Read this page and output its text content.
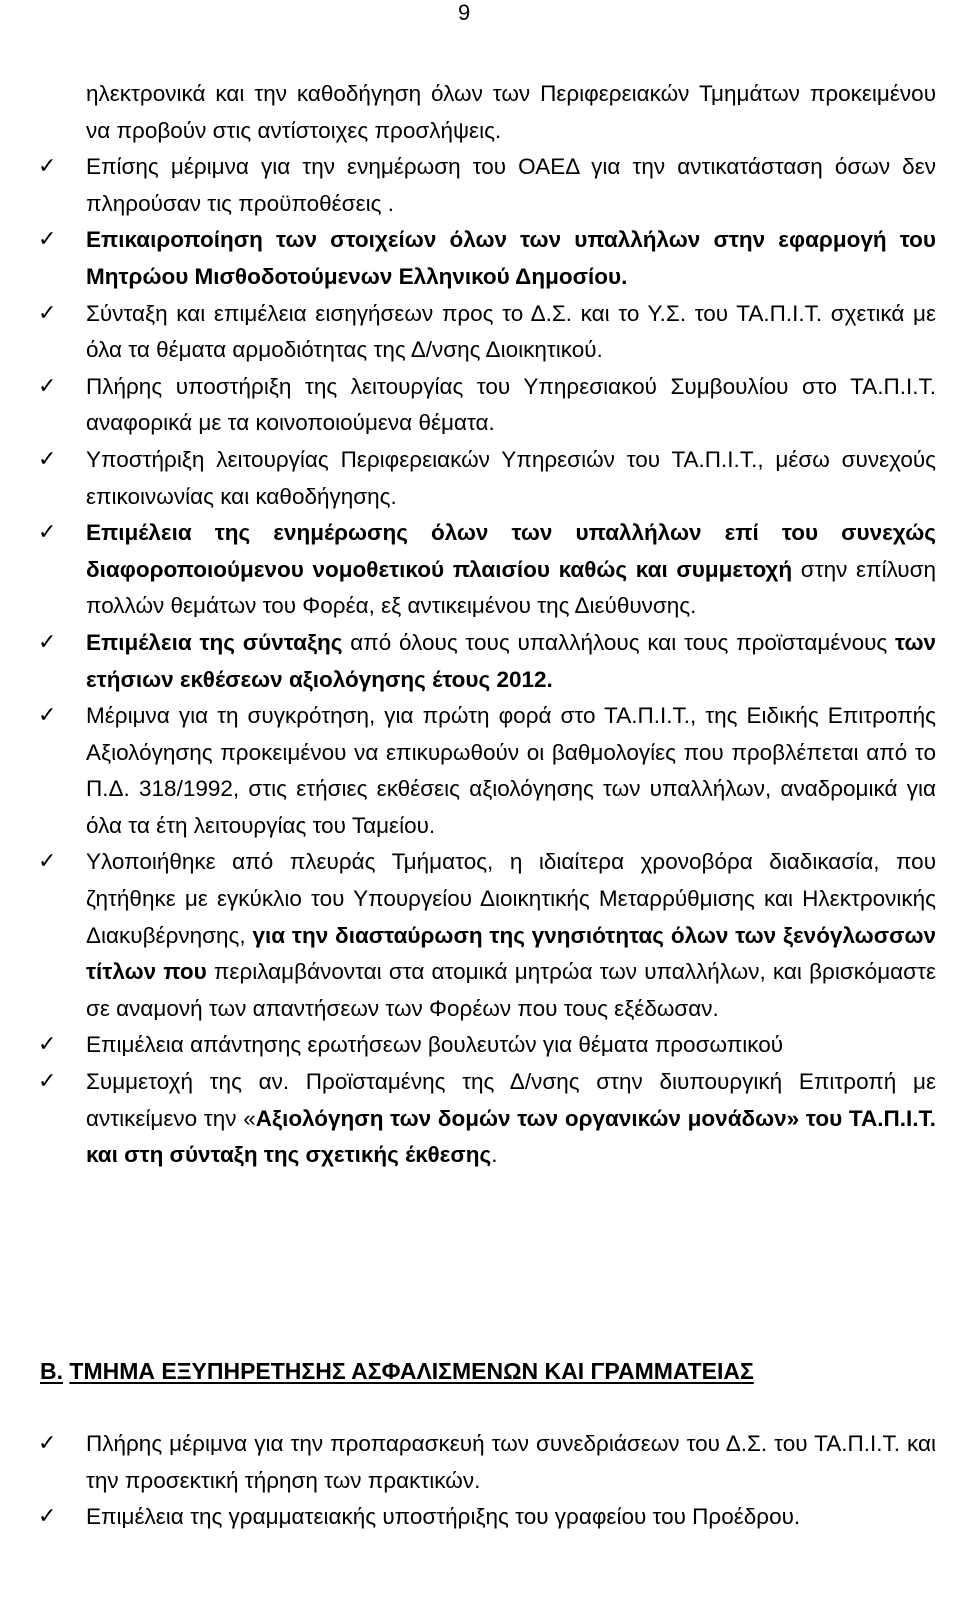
9
ηλεκτρονικά και την καθοδήγηση όλων των Περιφερειακών Τμημάτων προκειμένου να προβούν στις αντίστοιχες προσλήψεις.
✓ Επίσης μέριμνα για την ενημέρωση του ΟΑΕΔ για την αντικατάσταση όσων δεν πληρούσαν τις προϋποθέσεις .
✓ Επικαιροποίηση των στοιχείων όλων των υπαλλήλων στην εφαρμογή του Μητρώου Μισθοδοτούμενων Ελληνικού Δημοσίου.
✓ Σύνταξη και επιμέλεια εισηγήσεων προς το Δ.Σ. και το Υ.Σ. του ΤΑ.Π.Ι.Τ. σχετικά με όλα τα θέματα αρμοδιότητας της Δ/νσης Διοικητικού.
✓ Πλήρης υποστήριξη της λειτουργίας του Υπηρεσιακού Συμβουλίου στο ΤΑ.Π.Ι.Τ. αναφορικά με τα κοινοποιούμενα θέματα.
✓ Υποστήριξη λειτουργίας Περιφερειακών Υπηρεσιών του ΤΑ.Π.Ι.Τ., μέσω συνεχούς επικοινωνίας και καθοδήγησης.
✓ Επιμέλεια της ενημέρωσης όλων των υπαλλήλων επί του συνεχώς διαφοροποιούμενου νομοθετικού πλαισίου καθώς και συμμετοχή στην επίλυση πολλών θεμάτων του Φορέα, εξ αντικειμένου της Διεύθυνσης.
✓ Επιμέλεια της σύνταξης από όλους τους υπαλλήλους και τους προϊσταμένους των ετήσιων εκθέσεων αξιολόγησης έτους 2012.
✓ Μέριμνα για τη συγκρότηση, για πρώτη φορά στο ΤΑ.Π.Ι.Τ., της Ειδικής Επιτροπής Αξιολόγησης προκειμένου να επικυρωθούν οι βαθμολογίες που προβλέπεται από το Π.Δ. 318/1992, στις ετήσιες εκθέσεις αξιολόγησης των υπαλλήλων, αναδρομικά για όλα τα έτη λειτουργίας του Ταμείου.
✓ Υλοποιήθηκε από πλευράς Τμήματος, η ιδιαίτερα χρονοβόρα διαδικασία, που ζητήθηκε με εγκύκλιο του Υπουργείου Διοικητικής Μεταρρύθμισης και Ηλεκτρονικής Διακυβέρνησης, για την διασταύρωση της γνησιότητας όλων των ξενόγλωσσων τίτλων που περιλαμβάνονται στα ατομικά μητρώα των υπαλλήλων, και βρισκόμαστε σε αναμονή των απαντήσεων των Φορέων που τους εξέδωσαν.
✓ Επιμέλεια απάντησης ερωτήσεων βουλευτών για θέματα προσωπικού
✓ Συμμετοχή της αν. Προϊσταμένης της Δ/νσης στην διυπουργική Επιτροπή με αντικείμενο την «Αξιολόγηση των δομών των οργανικών μονάδων» του ΤΑ.Π.Ι.Τ. και στη σύνταξη της σχετικής έκθεσης.
Β. ΤΜΗΜΑ ΕΞΥΠΗΡΕΤΗΣΗΣ ΑΣΦΑΛΙΣΜΕΝΩΝ ΚΑΙ ΓΡΑΜΜΑΤΕΙΑΣ
✓ Πλήρης μέριμνα για την προπαρασκευή των συνεδριάσεων του Δ.Σ. του ΤΑ.Π.Ι.Τ. και την προσεκτική τήρηση των πρακτικών.
✓ Επιμέλεια της γραμματειακής υποστήριξης του γραφείου του Προέδρου.
